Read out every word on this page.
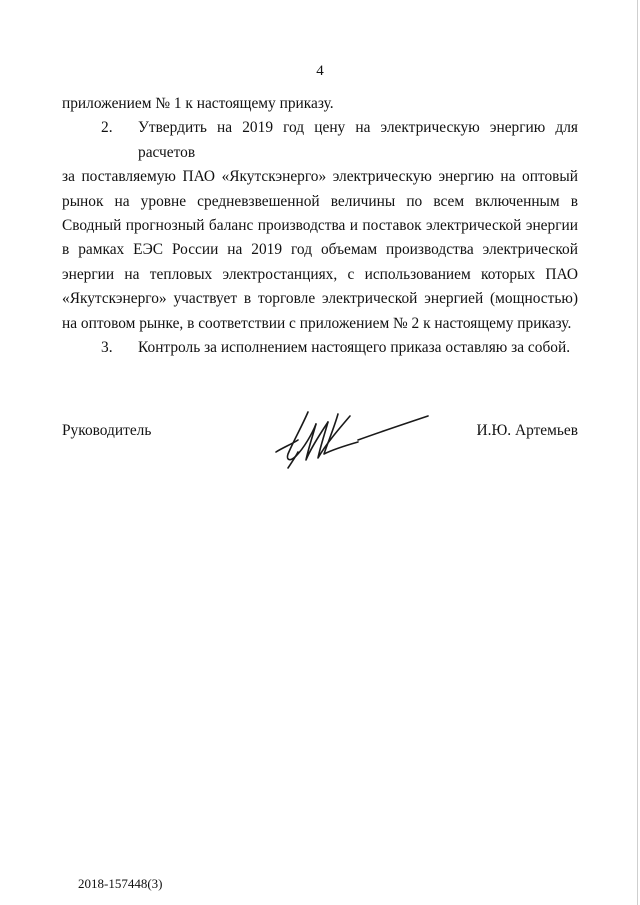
4

приложением № 1 к настоящему приказу.

2.	Утвердить на 2019 год цену на электрическую энергию для расчетов

за поставляемую ПАО «Якутскэнерго» электрическую энергию на оптовый рынок на уровне средневзвешенной величины по всем включенным в Сводный прогнозный баланс производства и поставок электрической энергии в рамках ЕЭС России на 2019 год объемам производства электрической энергии на тепловых электростанциях, с использованием которых ПАО «Якутскэнерго» участвует в торговле электрической энергией (мощностью) на оптовом рынке, в соответствии с приложением № 2 к настоящему приказу.

3.	Контроль за исполнением настоящего приказа оставляю за собой.
Руководитель	И.Ю. Артемьев
2018-157448(3)
